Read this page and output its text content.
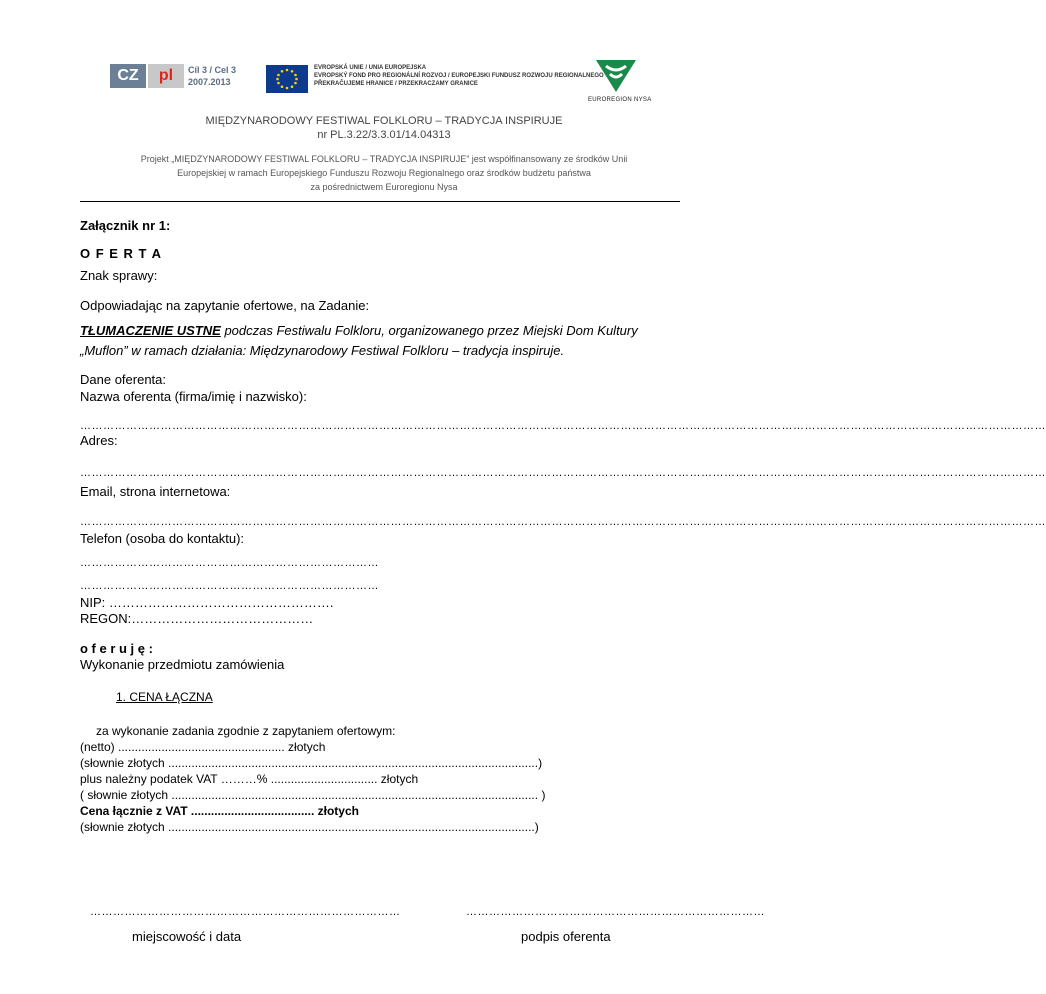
CZ	pl	Cíl 3 / Cel 3
2007.2013
EVROPSKÁ UNIE / UNIA EUROPEJSKA
EVROPSKÝ FOND PRO REGIONÁLNÍ ROZVOJ / EUROPEJSKI FUNDUSZ ROZWOJU REGIONALNEGO
PŘEKRAČUJEME HRANICE / PRZEKRACZAMY GRANICE
EUROREGION NYSA
MIĘDZYNARODOWY FESTIWAL FOLKLORU – TRADYCJA INSPIRUJE
nr PL.3.22/3.3.01/14.04313
Projekt „MIĘDZYNARODOWY FESTIWAL FOLKLORU – TRADYCJA INSPIRUJE” jest współfinansowany ze środków Unii
Europejskiej w ramach Europejskiego Funduszu Rozwoju Regionalnego oraz środków budżetu państwa
za pośrednictwem Euroregionu Nysa
Załącznik nr 1:
O F E R T A
Znak sprawy:
Odpowiadając na zapytanie ofertowe, na Zadanie:
TŁUMACZENIE USTNE podczas Festiwalu Folkloru, organizowanego przez Miejski Dom Kultury
„Muflon” w ramach działania: Międzynarodowy Festiwal Folkloru – tradycja inspiruje.
Dane oferenta:
Nazwa oferenta (firma/imię i nazwisko):
………………………………………………………………………………………………………………………………………………………………………………………………………………………………
Adres:
………………………………………………………………………………………………………………………………………………………………………………………………………………………………
Email, strona internetowa:
………………………………………………………………………………………………………………………………………………………………………………………………………………………………
Telefon (osoba do kontaktu):
……………………………………………………………………
……………………………………………………………………
NIP: …………………………………………….
REGON:……………………………………
o f e r u j ę :
Wykonanie przedmiotu zamówienia
1. CENA ŁĄCZNA
za wykonanie zadania zgodnie z zapytaniem ofertowym:
(netto) .................................................. złotych
(słownie złotych ...............................................................................................................)
plus należny podatek VAT ………% ................................ złotych
( słownie złotych .............................................................................................................. )
Cena łącznie z VAT ..................................... złotych
(słownie złotych ..............................................................................................................)
………………………………………………………………………	……………………………………………………………………
miejscowość i data	podpis oferenta
